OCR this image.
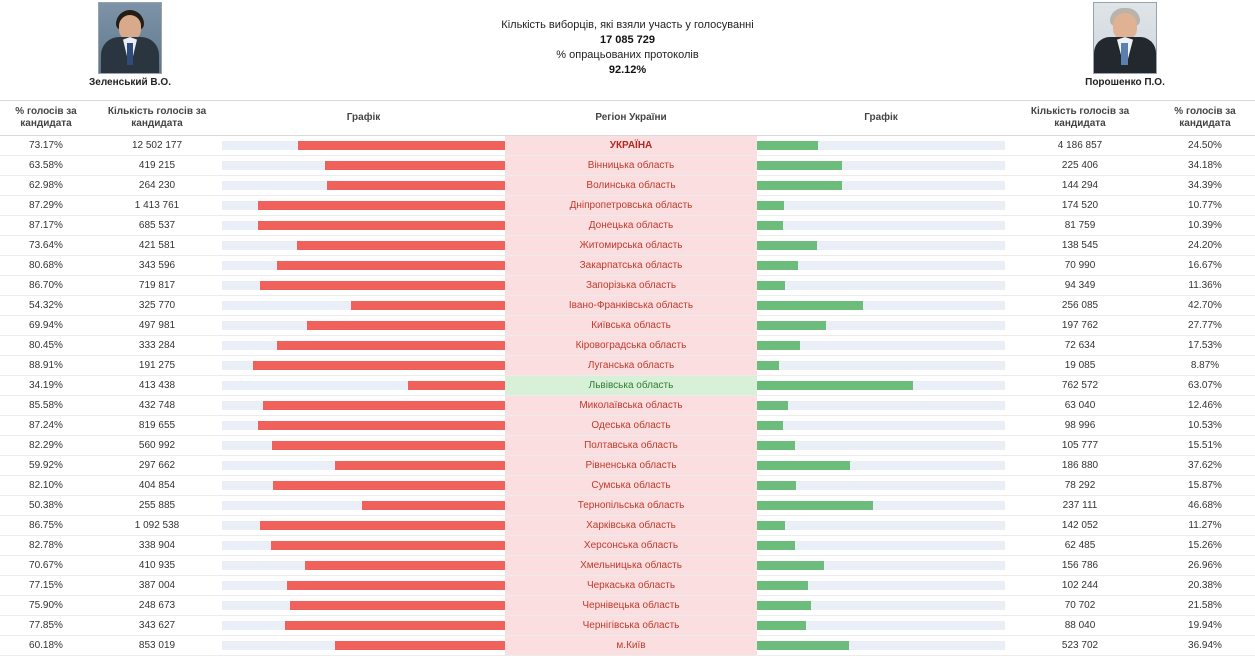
Зеленський В.О.
Кількість виборців, які взяли участь у голосуванні
17 085 729
% опрацьованих протоколів
92.12%
Порошенко П.О.
% голосів за кандидата	Кількість голосів за кандидата	Графік	Регіон України	Графік	Кількість голосів за кандидата	% голосів за кандидата
73.17%	12 502 177		УКРАЇНА		4 186 857	24.50%
63.58%	419 215		Вінницька область		225 406	34.18%
62.98%	264 230		Волинська область		144 294	34.39%
87.29%	1 413 761		Дніпропетровська область		174 520	10.77%
87.17%	685 537		Донецька область		81 759	10.39%
73.64%	421 581		Житомирська область		138 545	24.20%
80.68%	343 596		Закарпатська область		70 990	16.67%
86.70%	719 817		Запорізька область		94 349	11.36%
54.32%	325 770		Івано-Франківська область		256 085	42.70%
69.94%	497 981		Київська область		197 762	27.77%
80.45%	333 284		Кіровоградська область		72 634	17.53%
88.91%	191 275		Луганська область		19 085	8.87%
34.19%	413 438		Львівська область		762 572	63.07%
85.58%	432 748		Миколаївська область		63 040	12.46%
87.24%	819 655		Одеська область		98 996	10.53%
82.29%	560 992		Полтавська область		105 777	15.51%
59.92%	297 662		Рівненська область		186 880	37.62%
82.10%	404 854		Сумська область		78 292	15.87%
50.38%	255 885		Тернопільська область		237 111	46.68%
86.75%	1 092 538		Харківська область		142 052	11.27%
82.78%	338 904		Херсонська область		62 485	15.26%
70.67%	410 935		Хмельницька область		156 786	26.96%
77.15%	387 004		Черкаська область		102 244	20.38%
75.90%	248 673		Чернівецька область		70 702	21.58%
77.85%	343 627		Чернігівська область		88 040	19.94%
60.18%	853 019		м.Київ		523 702	36.94%
